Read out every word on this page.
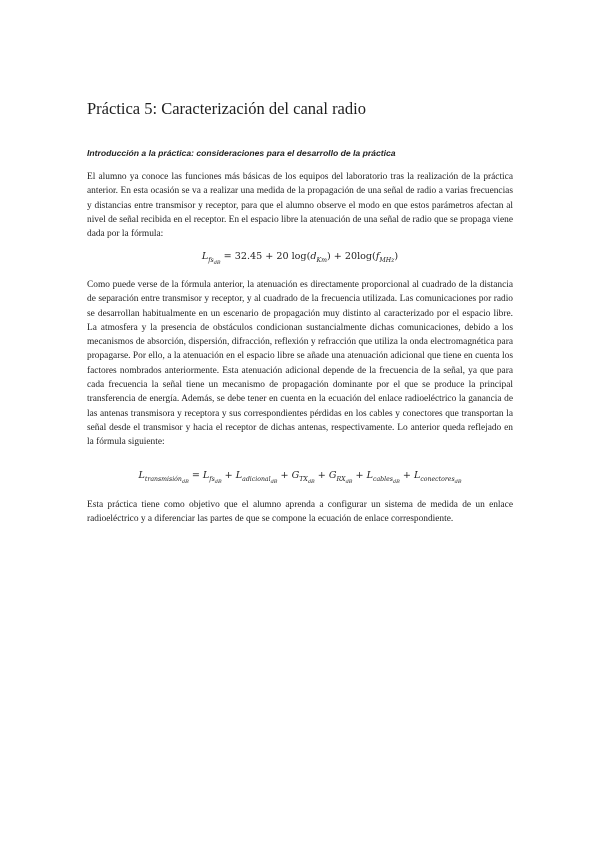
Práctica 5: Caracterización del canal radio

Introducción a la práctica: consideraciones para el desarrollo de la práctica

El alumno ya conoce las funciones más básicas de los equipos del laboratorio tras la realización de la práctica anterior. En esta ocasión se va a realizar una medida de la propagación de una señal de radio a varias frecuencias y distancias entre transmisor y receptor, para que el alumno observe el modo en que estos parámetros afectan al nivel de señal recibida en el receptor. En el espacio libre la atenuación de una señal de radio que se propaga viene dada por la fórmula:

$L_{fs_{dB}} = 32.45 + 20$ $\log(d_{Km}) + 20\log(f_{MHz})$

Como puede verse de la fórmula anterior, la atenuación es directamente proporcional al cuadrado de la distancia de separación entre transmisor y receptor, y al cuadrado de la frecuencia utilizada. Las comunicaciones por radio se desarrollan habitualmente en un escenario de propagación muy distinto al caracterizado por el espacio libre. La atmosfera y la presencia de obstáculos condicionan sustancialmente dichas comunicaciones, debido a los mecanismos de absorción, dispersión, difracción, reflexión y refracción que utiliza la onda electromagnética para propagarse. Por ello, a la atenuación en el espacio libre se añade una atenuación adicional que tiene en cuenta los factores nombrados anteriormente. Esta atenuación adicional depende de la frecuencia de la señal, ya que para cada frecuencia la señal tiene un mecanismo de propagación dominante por el que se produce la principal transferencia de energía. Además, se debe tener en cuenta en la ecuación del enlace radioeléctrico la ganancia de las antenas transmisora y receptora y sus correspondientes pérdidas en los cables y conectores que transportan la señal desde el transmisor y hacia el receptor de dichas antenas, respectivamente. Lo anterior queda reflejado en la fórmula siguiente:

$L_{transmisión_{dB}} = L_{fs_{dB}} + L_{adicional_{dB}} + G_{TX_{dB}} + G_{RX_{dB}} + L_{cables_{dB}} + L_{conectores_{dB}}$

Esta práctica tiene como objetivo que el alumno aprenda a configurar un sistema de medida de un enlace radioeléctrico y a diferenciar las partes de que se compone la ecuación de enlace correspondiente.
